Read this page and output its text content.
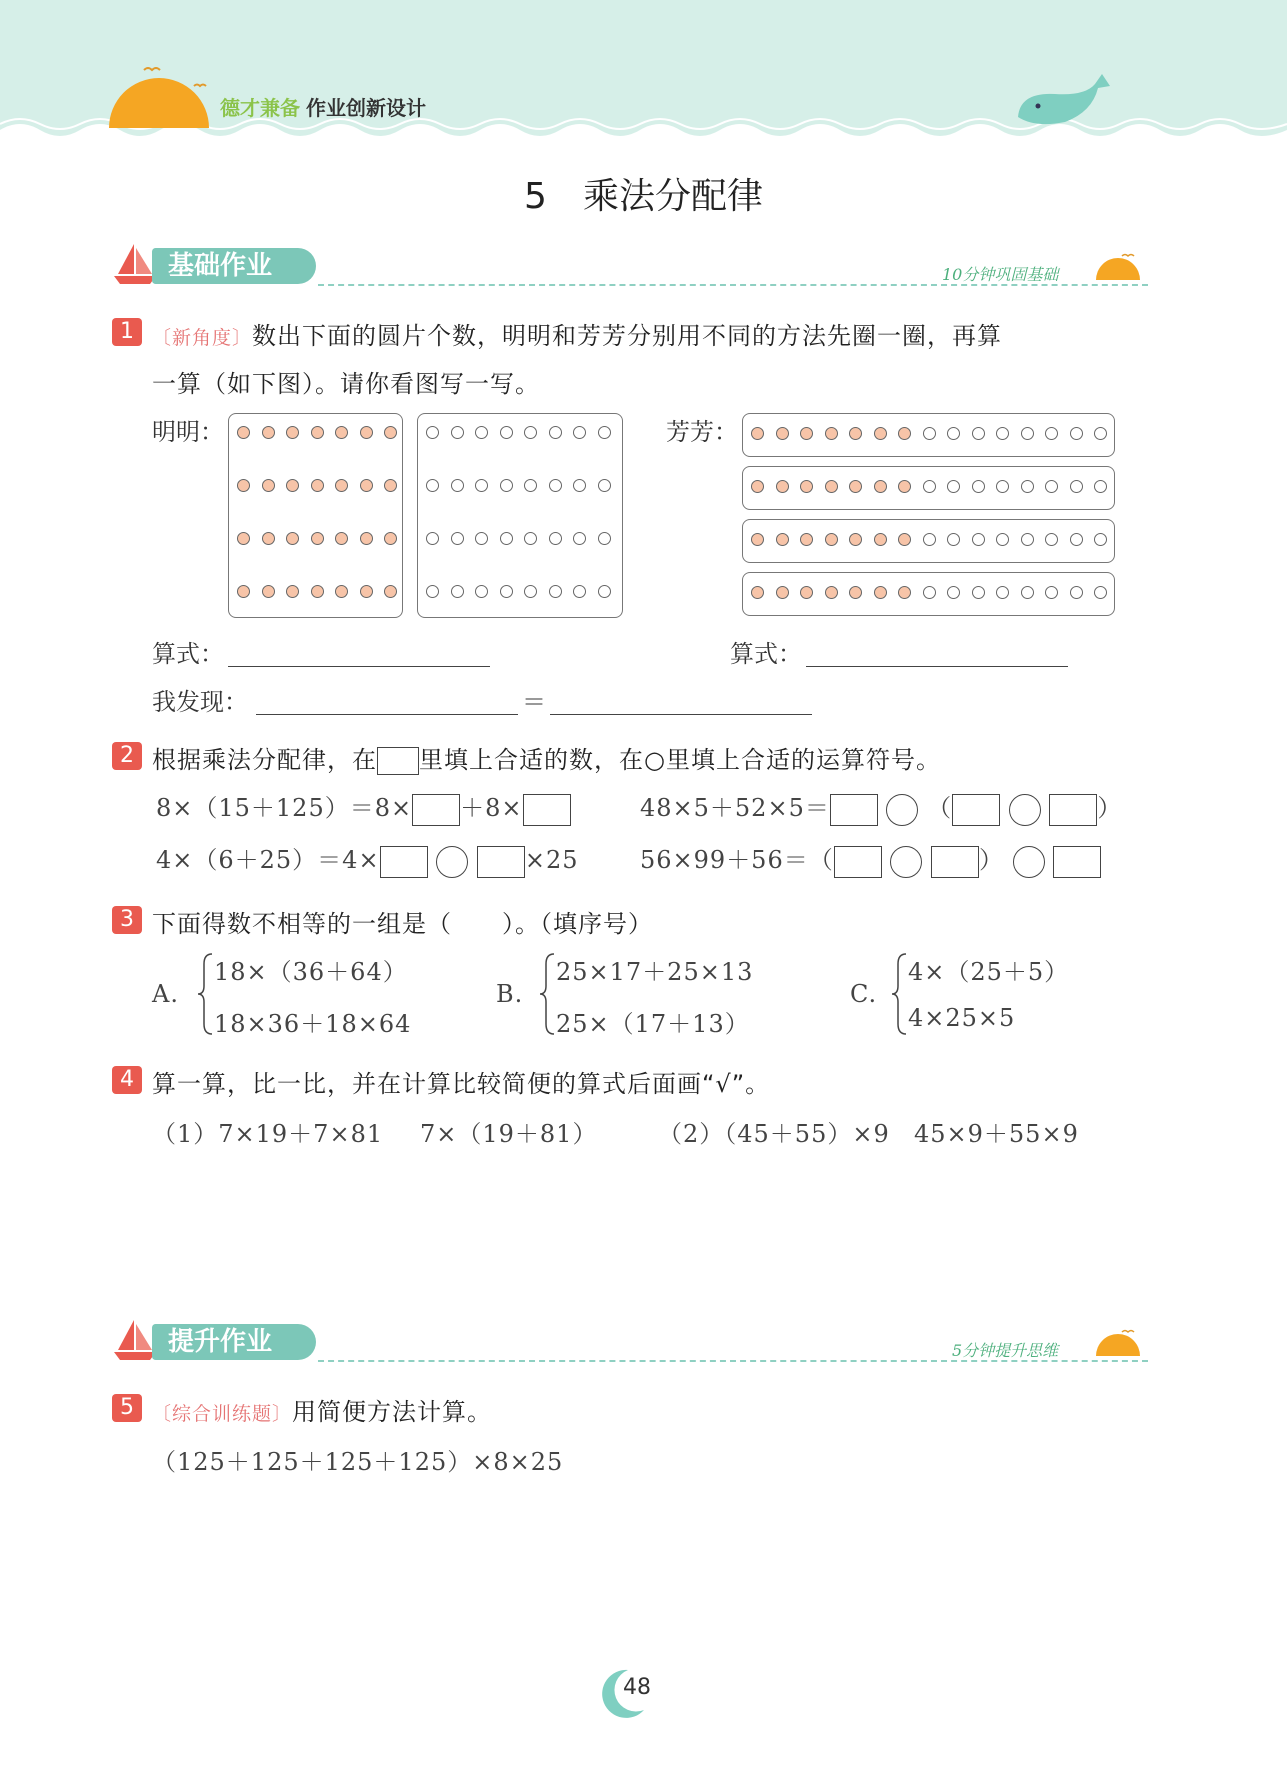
德才兼备 作业创新设计
5　乘法分配律
基础作业	10分钟巩固基础
1 〔新角度〕数出下面的圆片个数，明明和芳芳分别用不同的方法先圈一圈，再算
一算（如下图）。请你看图写一写。
明明：	芳芳：
算式：	算式：
我发现：	＝
2 根据乘法分配律，在 里填上合适的数，在○里填上合适的运算符号。
8×（15＋125）＝8× ＋8×	48×5＋52×5＝	（	）
4×（6＋25）＝4×	×25	56×99＋56＝（	）
3 下面得数不相等的一组是（　　）。（填序号）
A.
18×（36＋64）
18×36＋18×64
B.
25×17＋25×13
25×（17＋13）
C.
4×（25＋5）
4×25×5
4 算一算，比一比，并在计算比较简便的算式后面画“√”。
（1）7×19＋7×81 7×（19＋81）	（2）（45＋55）×9 45×9＋55×9
提升作业	5分钟提升思维
5 〔综合训练题〕用简便方法计算。
（125＋125＋125＋125）×8×25
48
